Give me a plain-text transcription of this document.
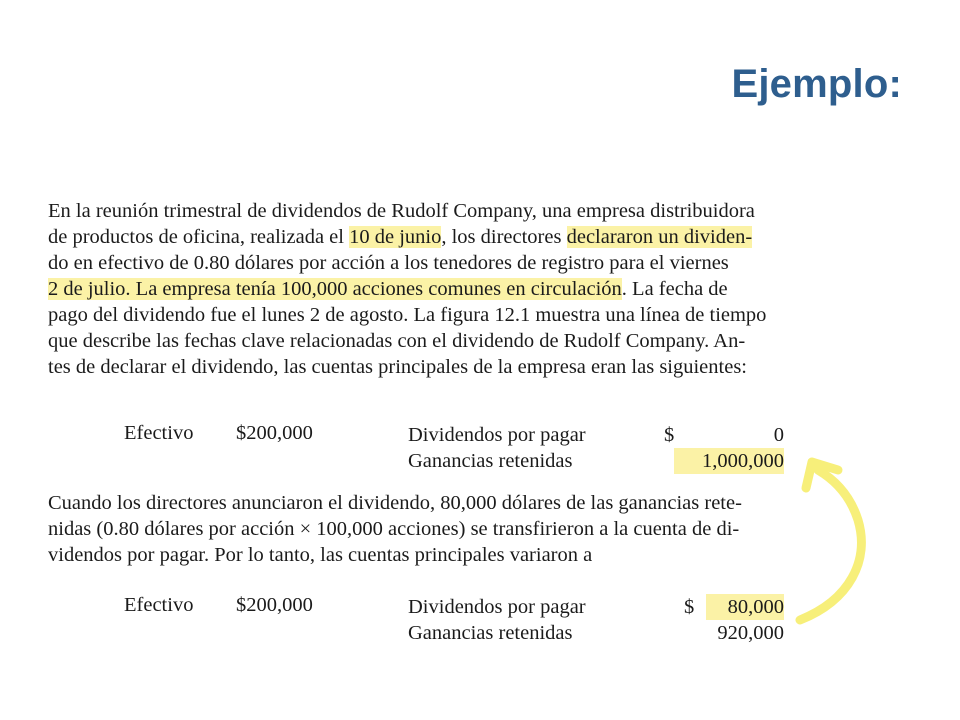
Ejemplo:
En la reunión trimestral de dividendos de Rudolf Company, una empresa distribuidora
de productos de oficina, realizada el 10 de junio, los directores declararon un dividen-
do en efectivo de 0.80 dólares por acción a los tenedores de registro para el viernes
2 de julio. La empresa tenía 100,000 acciones comunes en circulación. La fecha de
pago del dividendo fue el lunes 2 de agosto. La figura 12.1 muestra una línea de tiempo
que describe las fechas clave relacionadas con el dividendo de Rudolf Company. An-
tes de declarar el dividendo, las cuentas principales de la empresa eran las siguientes:
Efectivo $200,000	Dividendos por pagar	$	0
Ganancias retenidas	1,000,000
Cuando los directores anunciaron el dividendo, 80,000 dólares de las ganancias rete-
nidas (0.80 dólares por acción × 100,000 acciones) se transfirieron a la cuenta de di-
videndos por pagar. Por lo tanto, las cuentas principales variaron a
Efectivo $200,000	Dividendos por pagar	$	80,000
Ganancias retenidas	920,000
